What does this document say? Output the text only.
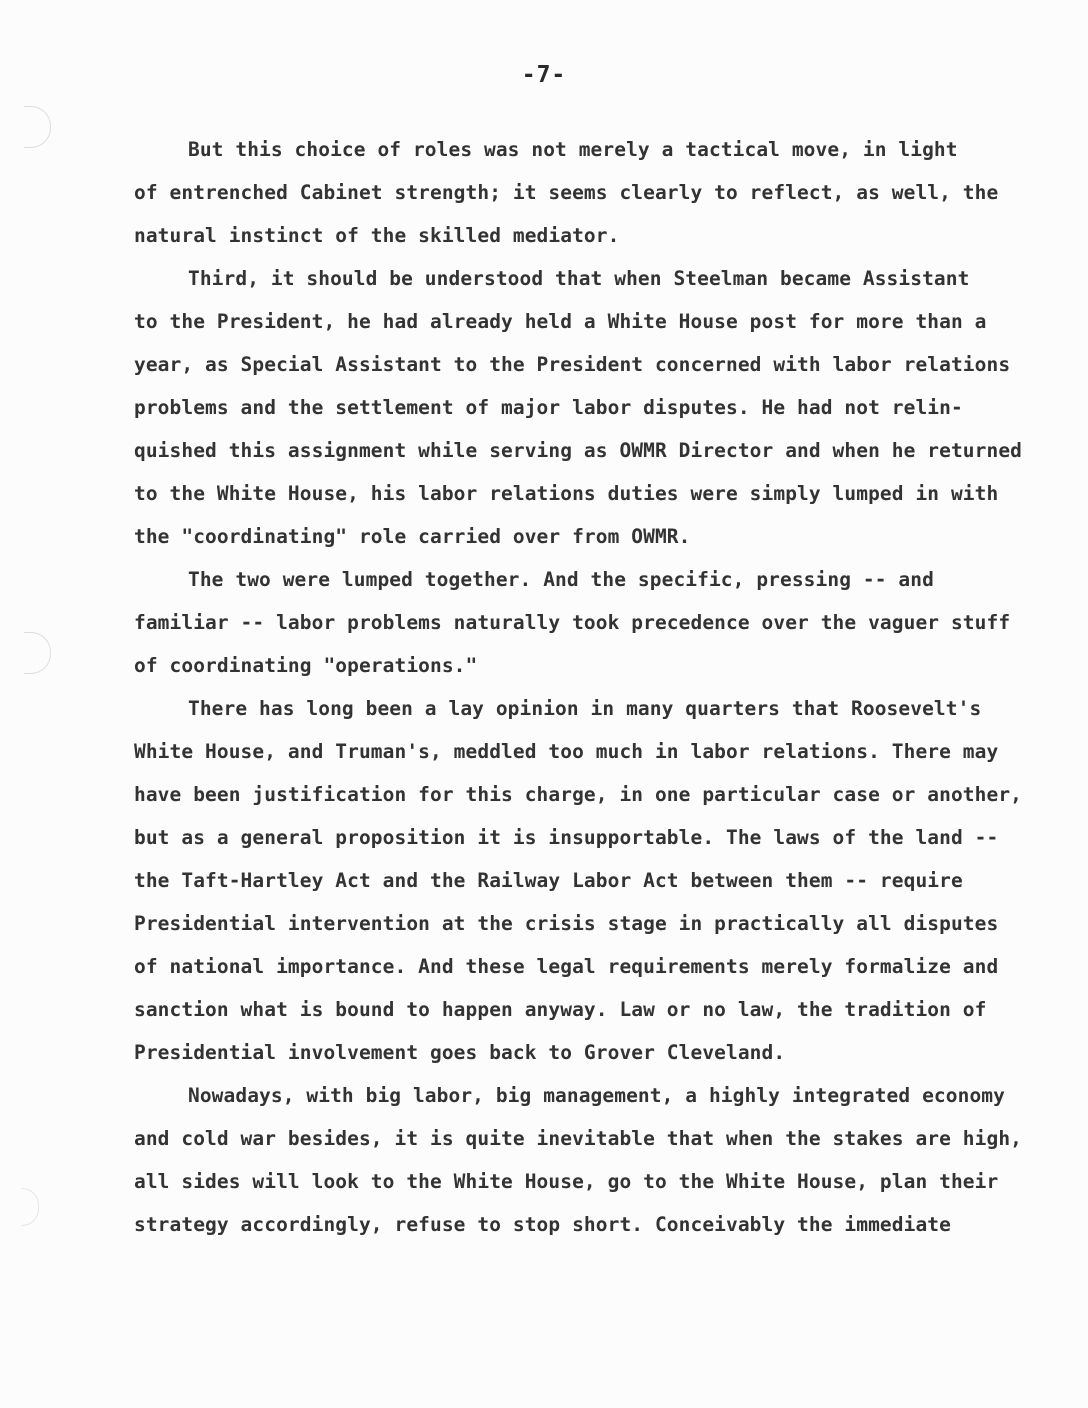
-7-
But this choice of roles was not merely a tactical move, in light
of entrenched Cabinet strength; it seems clearly to reflect, as well, the
natural instinct of the skilled mediator.
Third, it should be understood that when Steelman became Assistant
to the President, he had already held a White House post for more than a
year, as Special Assistant to the President concerned with labor relations
problems and the settlement of major labor disputes. He had not relin-
quished this assignment while serving as OWMR Director and when he returned
to the White House, his labor relations duties were simply lumped in with
the "coordinating" role carried over from OWMR.
The two were lumped together. And the specific, pressing -- and
familiar -- labor problems naturally took precedence over the vaguer stuff
of coordinating "operations."
There has long been a lay opinion in many quarters that Roosevelt's
White House, and Truman's, meddled too much in labor relations. There may
have been justification for this charge, in one particular case or another,
but as a general proposition it is insupportable. The laws of the land --
the Taft-Hartley Act and the Railway Labor Act between them -- require
Presidential intervention at the crisis stage in practically all disputes
of national importance. And these legal requirements merely formalize and
sanction what is bound to happen anyway. Law or no law, the tradition of
Presidential involvement goes back to Grover Cleveland.
Nowadays, with big labor, big management, a highly integrated economy
and cold war besides, it is quite inevitable that when the stakes are high,
all sides will look to the White House, go to the White House, plan their
strategy accordingly, refuse to stop short. Conceivably the immediate
